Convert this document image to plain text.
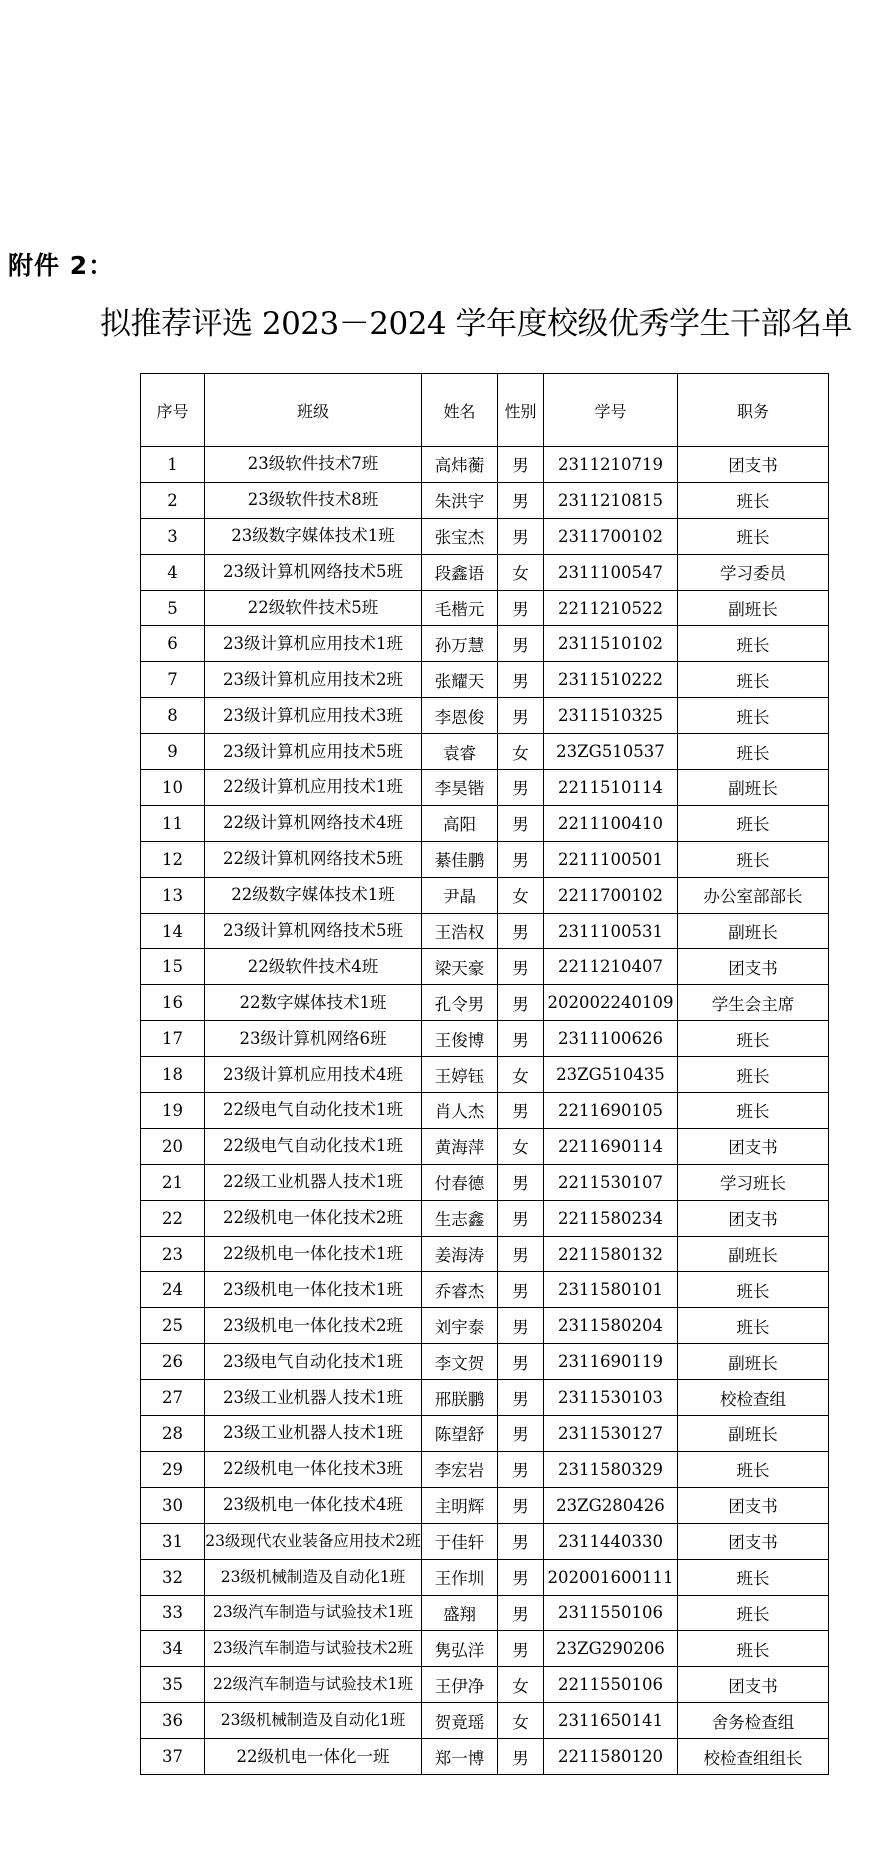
附件 2：
拟推荐评选 2023－2024 学年度校级优秀学生干部名单
序号	班级	姓名	性别	学号	职务
1	23级软件技术7班	高炜蘅	男	2311210719	团支书
2	23级软件技术8班	朱洪宇	男	2311210815	班长
3	23级数字媒体技术1班	张宝杰	男	2311700102	班长
4	23级计算机网络技术5班	段鑫语	女	2311100547	学习委员
5	22级软件技术5班	毛楷元	男	2211210522	副班长
6	23级计算机应用技术1班	孙万慧	男	2311510102	班长
7	23级计算机应用技术2班	张耀天	男	2311510222	班长
8	23级计算机应用技术3班	李恩俊	男	2311510325	班长
9	23级计算机应用技术5班	袁睿	女	23ZG510537	班长
10	22级计算机应用技术1班	李昊锴	男	2211510114	副班长
11	22级计算机网络技术4班	高阳	男	2211100410	班长
12	22级计算机网络技术5班	綦佳鹏	男	2211100501	班长
13	22级数字媒体技术1班	尹晶	女	2211700102	办公室部部长
14	23级计算机网络技术5班	王浩权	男	2311100531	副班长
15	22级软件技术4班	梁天豪	男	2211210407	团支书
16	22数字媒体技术1班	孔令男	男	202002240109	学生会主席
17	23级计算机网络6班	王俊博	男	2311100626	班长
18	23级计算机应用技术4班	王婷钰	女	23ZG510435	班长
19	22级电气自动化技术1班	肖人杰	男	2211690105	班长
20	22级电气自动化技术1班	黄海萍	女	2211690114	团支书
21	22级工业机器人技术1班	付春德	男	2211530107	学习班长
22	22级机电一体化技术2班	生志鑫	男	2211580234	团支书
23	22级机电一体化技术1班	姜海涛	男	2211580132	副班长
24	23级机电一体化技术1班	乔睿杰	男	2311580101	班长
25	23级机电一体化技术2班	刘宇泰	男	2311580204	班长
26	23级电气自动化技术1班	李文贺	男	2311690119	副班长
27	23级工业机器人技术1班	邢朕鹏	男	2311530103	校检查组
28	23级工业机器人技术1班	陈望舒	男	2311530127	副班长
29	22级机电一体化技术3班	李宏岩	男	2311580329	班长
30	23级机电一体化技术4班	主明辉	男	23ZG280426	团支书
31	23级现代农业装备应用技术2班	于佳轩	男	2311440330	团支书
32	23级机械制造及自动化1班	王作圳	男	202001600111	班长
33	23级汽车制造与试验技术1班	盛翔	男	2311550106	班长
34	23级汽车制造与试验技术2班	隽弘洋	男	23ZG290206	班长
35	22级汽车制造与试验技术1班	王伊净	女	2211550106	团支书
36	23级机械制造及自动化1班	贺竟瑶	女	2311650141	舍务检查组
37	22级机电一体化一班	郑一博	男	2211580120	校检查组组长
